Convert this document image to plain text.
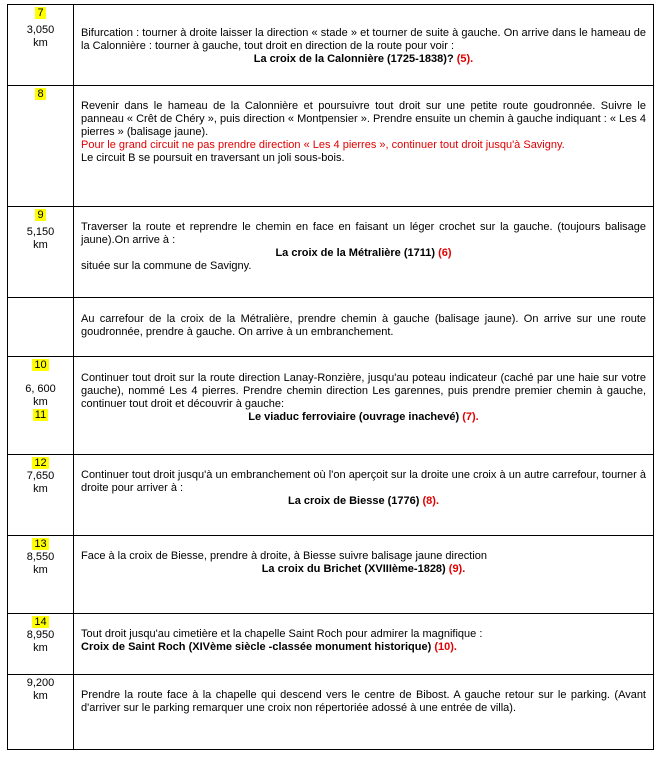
7
3,050
km
Bifurcation : tourner à droite laisser la direction « stade » et tourner de suite à gauche. On arrive dans le hameau de la Calonnière : tourner à gauche, tout droit en direction de la route pour voir :
La croix de la Calonnière (1725-1838)? (5).
8
Revenir dans le hameau de la Calonnière et poursuivre tout droit sur une petite route goudronnée. Suivre le panneau « Crêt de Chéry », puis direction « Montpensier ». Prendre ensuite un chemin à gauche indiquant : « Les 4 pierres » (balisage jaune).
Pour le grand circuit ne pas prendre direction « Les 4 pierres », continuer tout droit jusqu'à Savigny.
Le circuit B se poursuit en traversant un joli sous-bois.
9
5,150
km
Traverser la route et reprendre le chemin en face en faisant un léger crochet sur la gauche. (toujours balisage jaune).On arrive à :
La croix de la Métralière (1711) (6)
située sur la commune de Savigny.
Au carrefour de la croix de la Métralière, prendre chemin à gauche (balisage jaune). On arrive sur une route goudronnée, prendre à gauche. On arrive à un embranchement.
10
6, 600
km
11
Continuer tout droit sur la route direction Lanay-Ronzière, jusqu'au poteau indicateur (caché par une haie sur votre gauche), nommé Les 4 pierres. Prendre chemin direction Les garennes, puis prendre premier chemin à gauche, continuer tout droit et découvrir à gauche:
Le viaduc ferroviaire (ouvrage inachevé) (7).
12
7,650
km
Continuer tout droit jusqu'à un embranchement où l'on aperçoit sur la droite une croix à un autre carrefour, tourner à droite pour arriver à :
La croix de Biesse (1776) (8).
13
8,550
km
Face à la croix de Biesse, prendre à droite, à Biesse suivre balisage jaune direction
La croix du Brichet (XVIIIème-1828) (9).
14
8,950
km
Tout droit jusqu'au cimetière et la chapelle Saint Roch pour admirer la magnifique :
Croix de Saint Roch (XIVème siècle -classée monument historique) (10).
9,200
km	Prendre la route face à la chapelle qui descend vers le centre de Bibost. A gauche retour sur le parking. (Avant d'arriver sur le parking remarquer une croix non répertoriée adossé à une entrée de villa).
